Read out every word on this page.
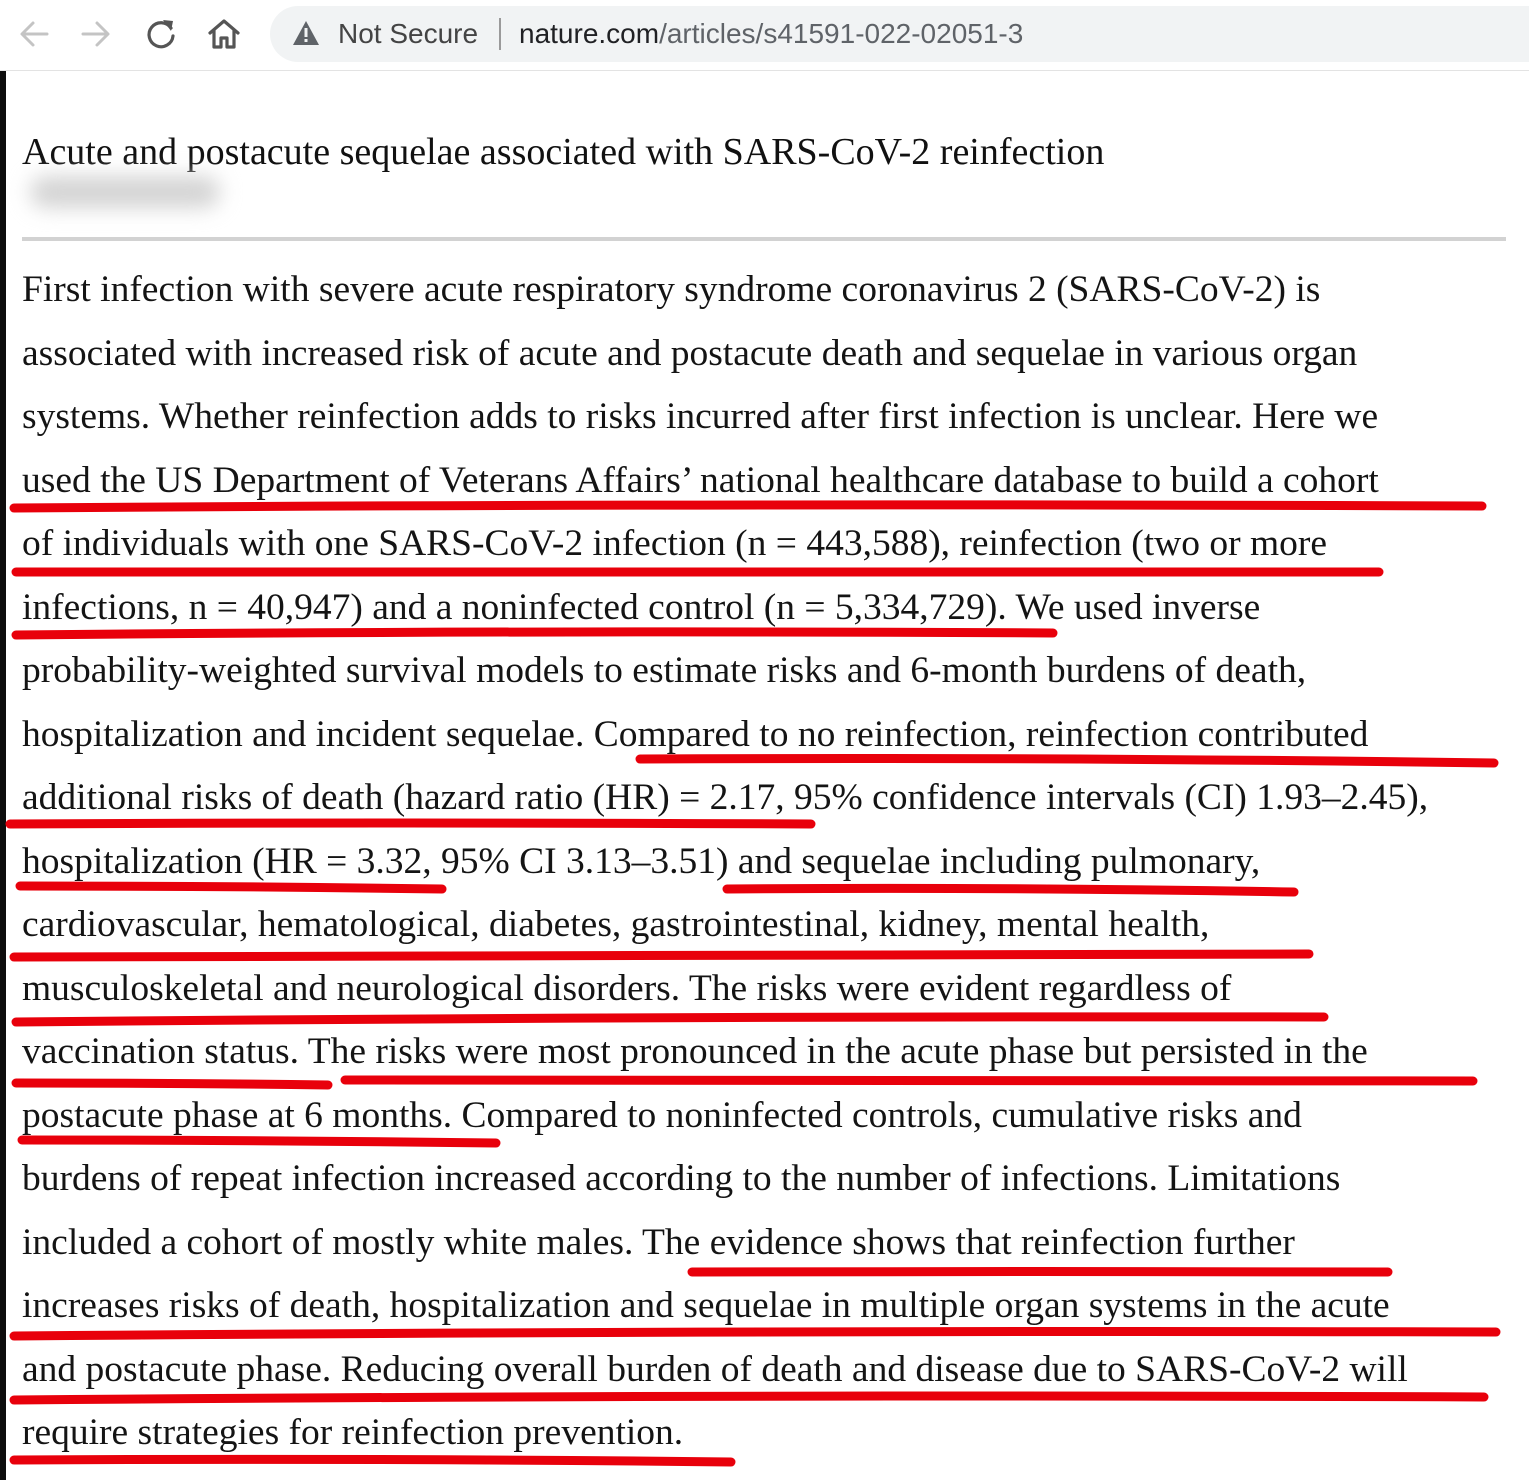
Not Secure nature.com/articles/s41591-022-02051-3
Acute and postacute sequelae associated with SARS-CoV-2 reinfection
First infection with severe acute respiratory syndrome coronavirus 2 (SARS-CoV-2) is
associated with increased risk of acute and postacute death and sequelae in various organ
systems. Whether reinfection adds to risks incurred after first infection is unclear. Here we
used the US Department of Veterans Affairs’ national healthcare database to build a cohort
of individuals with one SARS-CoV-2 infection (n = 443,588), reinfection (two or more
infections, n = 40,947) and a noninfected control (n = 5,334,729). We used inverse
probability-weighted survival models to estimate risks and 6-month burdens of death,
hospitalization and incident sequelae. Compared to no reinfection, reinfection contributed
additional risks of death (hazard ratio (HR) = 2.17, 95% confidence intervals (CI) 1.93–2.45),
hospitalization (HR = 3.32, 95% CI 3.13–3.51) and sequelae including pulmonary,
cardiovascular, hematological, diabetes, gastrointestinal, kidney, mental health,
musculoskeletal and neurological disorders. The risks were evident regardless of
vaccination status. The risks were most pronounced in the acute phase but persisted in the
postacute phase at 6 months. Compared to noninfected controls, cumulative risks and
burdens of repeat infection increased according to the number of infections. Limitations
included a cohort of mostly white males. The evidence shows that reinfection further
increases risks of death, hospitalization and sequelae in multiple organ systems in the acute
and postacute phase. Reducing overall burden of death and disease due to SARS-CoV-2 will
require strategies for reinfection prevention.
